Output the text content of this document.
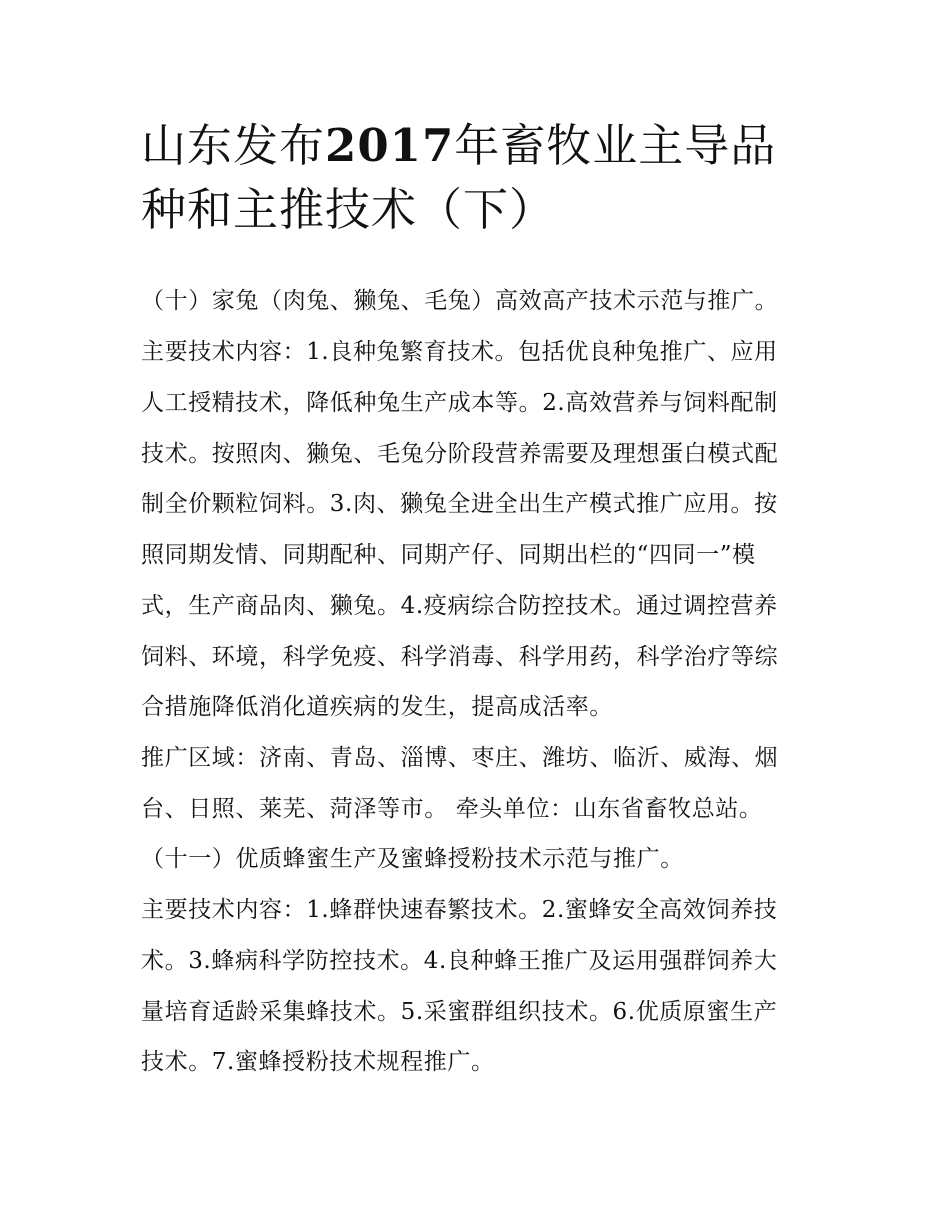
山东发布2017年畜牧业主导品
种和主推技术（下）

（十）家兔（肉兔、獭兔、毛兔）高效高产技术示范与推广。

主要技术内容：1.良种兔繁育技术。包括优良种兔推广、应用

人工授精技术，降低种兔生产成本等。2.高效营养与饲料配制

技术。按照肉、獭兔、毛兔分阶段营养需要及理想蛋白模式配

制全价颗粒饲料。3.肉、獭兔全进全出生产模式推广应用。按

照同期发情、同期配种、同期产仔、同期出栏的“四同一”模

式，生产商品肉、獭兔。4.疫病综合防控技术。通过调控营养

饲料、环境，科学免疫、科学消毒、科学用药，科学治疗等综

合措施降低消化道疾病的发生，提高成活率。

推广区域：济南、青岛、淄博、枣庄、潍坊、临沂、威海、烟

台、日照、莱芜、菏泽等市。 牵头单位：山东省畜牧总站。

（十一）优质蜂蜜生产及蜜蜂授粉技术示范与推广。

主要技术内容：1.蜂群快速春繁技术。2.蜜蜂安全高效饲养技

术。3.蜂病科学防控技术。4.良种蜂王推广及运用强群饲养大

量培育适龄采集蜂技术。5.采蜜群组织技术。6.优质原蜜生产

技术。7.蜜蜂授粉技术规程推广。
